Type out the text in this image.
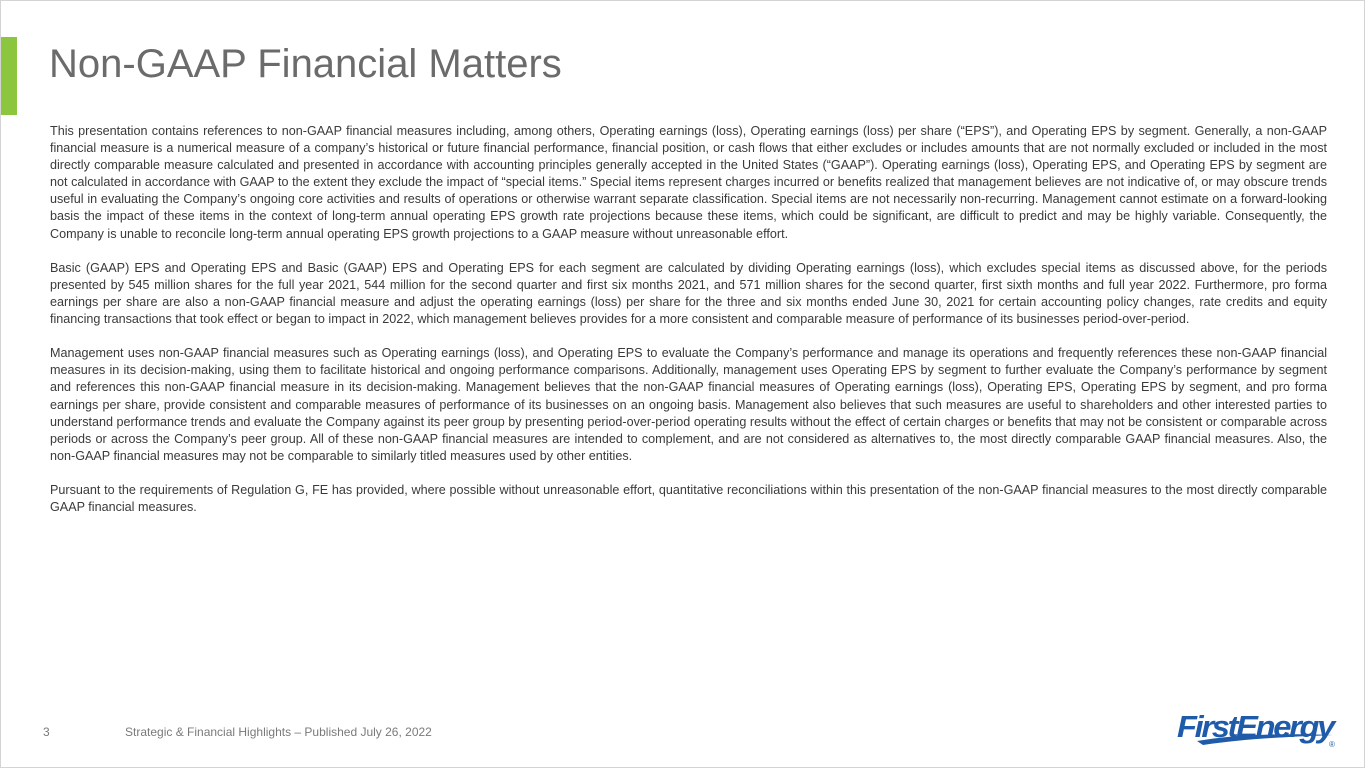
Non-GAAP Financial Matters

This presentation contains references to non-GAAP financial measures including, among others, Operating earnings (loss), Operating earnings (loss) per share (“EPS”), and Operating EPS by segment. Generally, a non-GAAP financial measure is a numerical measure of a company’s historical or future financial performance, financial position, or cash flows that either excludes or includes amounts that are not normally excluded or included in the most directly comparable measure calculated and presented in accordance with accounting principles generally accepted in the United States (“GAAP”). Operating earnings (loss), Operating EPS, and Operating EPS by segment are not calculated in accordance with GAAP to the extent they exclude the impact of “special items.” Special items represent charges incurred or benefits realized that management believes are not indicative of, or may obscure trends useful in evaluating the Company’s ongoing core activities and results of operations or otherwise warrant separate classification. Special items are not necessarily non-recurring. Management cannot estimate on a forward-looking basis the impact of these items in the context of long-term annual operating EPS growth rate projections because these items, which could be significant, are difficult to predict and may be highly variable. Consequently, the Company is unable to reconcile long-term annual operating EPS growth projections to a GAAP measure without unreasonable effort.

Basic (GAAP) EPS and Operating EPS and Basic (GAAP) EPS and Operating EPS for each segment are calculated by dividing Operating earnings (loss), which excludes special items as discussed above, for the periods presented by 545 million shares for the full year 2021, 544 million for the second quarter and first six months 2021, and 571 million shares for the second quarter, first sixth months and full year 2022. Furthermore, pro forma earnings per share are also a non-GAAP financial measure and adjust the operating earnings (loss) per share for the three and six months ended June 30, 2021 for certain accounting policy changes, rate credits and equity financing transactions that took effect or began to impact in 2022, which management believes provides for a more consistent and comparable measure of performance of its businesses period-over-period.

Management uses non-GAAP financial measures such as Operating earnings (loss), and Operating EPS to evaluate the Company’s performance and manage its operations and frequently references these non-GAAP financial measures in its decision-making, using them to facilitate historical and ongoing performance comparisons. Additionally, management uses Operating EPS by segment to further evaluate the Company’s performance by segment and references this non-GAAP financial measure in its decision-making. Management believes that the non-GAAP financial measures of Operating earnings (loss), Operating EPS, Operating EPS by segment, and pro forma earnings per share, provide consistent and comparable measures of performance of its businesses on an ongoing basis. Management also believes that such measures are useful to shareholders and other interested parties to understand performance trends and evaluate the Company against its peer group by presenting period-over-period operating results without the effect of certain charges or benefits that may not be consistent or comparable across periods or across the Company’s peer group. All of these non-GAAP financial measures are intended to complement, and are not considered as alternatives to, the most directly comparable GAAP financial measures. Also, the non-GAAP financial measures may not be comparable to similarly titled measures used by other entities.

Pursuant to the requirements of Regulation G, FE has provided, where possible without unreasonable effort, quantitative reconciliations within this presentation of the non-GAAP financial measures to the most directly comparable GAAP financial measures.

3	Strategic & Financial Highlights – Published July 26, 2022	FirstEnergy
®
